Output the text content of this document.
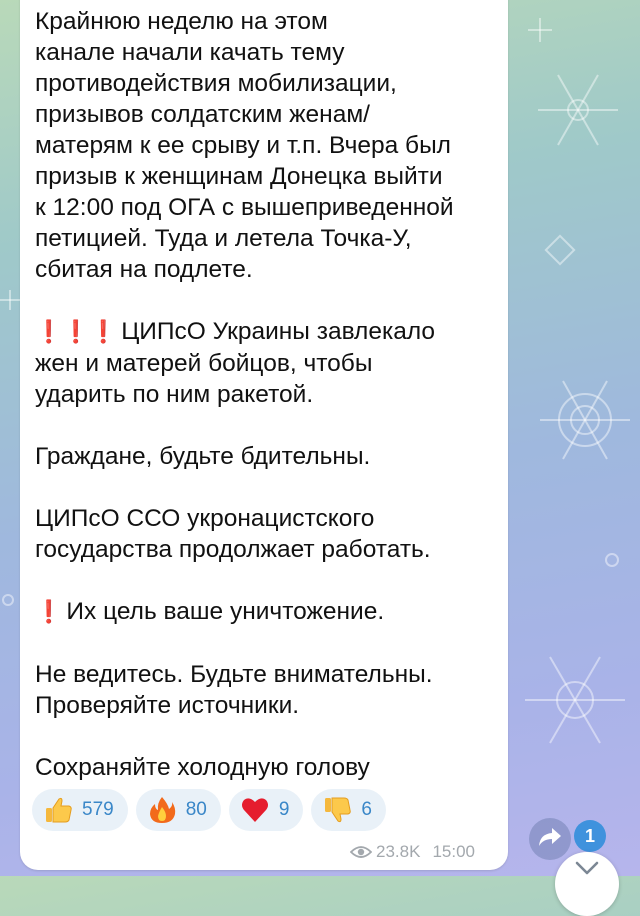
Крайнюю неделю на этом
канале начали качать тему
противодействия мобилизации,
призывов солдатским женам/
матерям к ее срыву и т.п. Вчера был
призыв к женщинам Донецка выйти
к 12:00 под ОГА с вышеприведенной
петицией. Туда и летела Точка-У,
сбитая на подлете.

❗❗❗ ЦИПсО Украины завлекало
жен и матерей бойцов, чтобы
ударить по ним ракетой.

Граждане, будьте бдительны.

ЦИПсО ССО укронацистского
государства продолжает работать.

❗ Их цель ваше уничтожение.

Не ведитесь. Будьте внимательны.
Проверяйте источники.

Сохраняйте холодную голову

579	80	9	6
23.8K 15:00
1
